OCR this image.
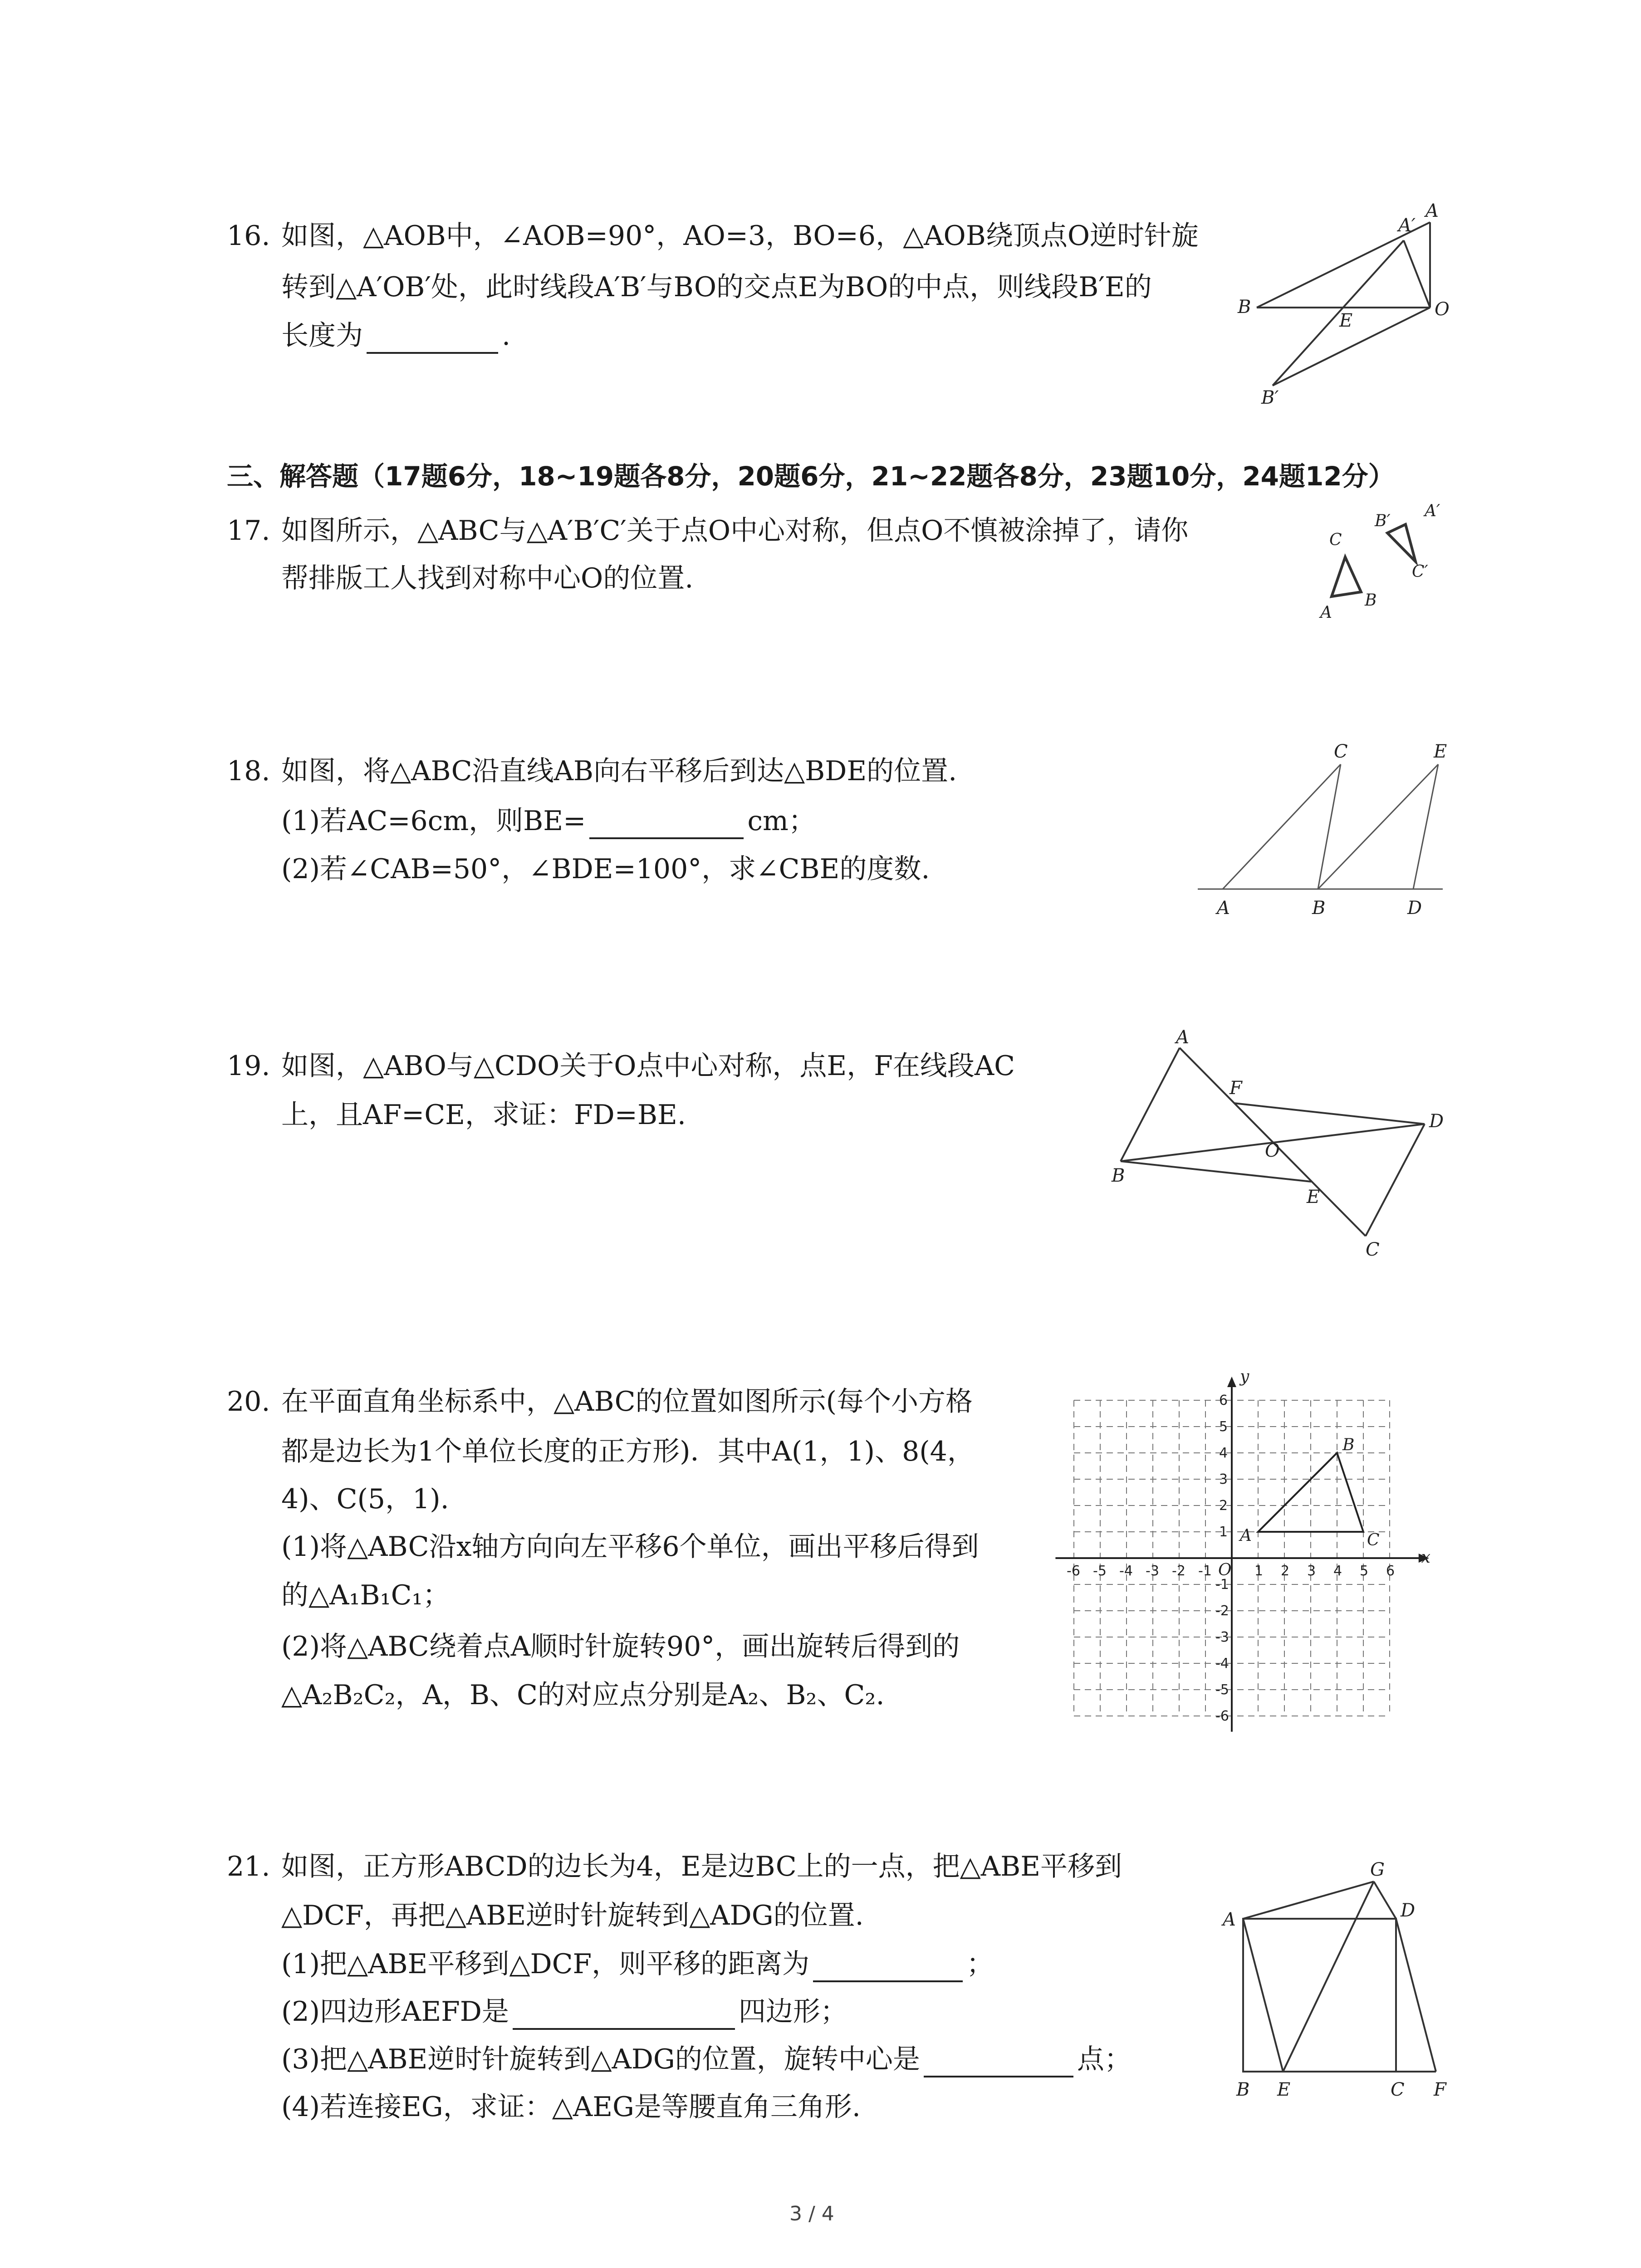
16. 如图，△AOB中，∠AOB=90°，AO=3，BO=6，△AOB绕顶点O逆时针旋
转到△A′OB′处，此时线段A′B′与BO的交点E为BO的中点，则线段B′E的
长度为	.
A′
A
B	O
E
B′
三、解答题（17题6分，18~19题各8分，20题6分，21~22题各8分，23题10分，24题12分）
17. 如图所示，△ABC与△A′B′C′关于点O中心对称，但点O不慎被涂掉了，请你
帮排版工人找到对称中心O的位置.
C
A
B
B′
A′
C′
18. 如图，将△ABC沿直线AB向右平移后到达△BDE的位置.
(1)若AC=6cm，则BE=	cm；
(2)若∠CAB=50°，∠BDE=100°，求∠CBE的度数.
C	E
A	B	D
19. 如图，△ABO与△CDO关于O点中心对称，点E，F在线段AC
上，且AF=CE，求证：FD=BE.
A
F
D
O
B
E
C
20. 在平面直角坐标系中，△ABC的位置如图所示(每个小方格
都是边长为1个单位长度的正方形)．其中A(1，1)、8(4，
4)、C(5，1).
(1)将△ABC沿x轴方向向左平移6个单位，画出平移后得到
的△A₁B₁C₁；
(2)将△ABC绕着点A顺时针旋转90°，画出旋转后得到的
△A₂B₂C₂，A，B、C的对应点分别是A₂、B₂、C₂.
-6 -5 -4 -3 -2 -1	1 2 3 4 5 6
-6
-5
-4
-3
-2
-1
1
2
3
4
5
6
x
y
O
A
B
C
21. 如图，正方形ABCD的边长为4，E是边BC上的一点，把△ABE平移到
△DCF，再把△ABE逆时针旋转到△ADG的位置.
(1)把△ABE平移到△DCF，则平移的距离为	；
(2)四边形AEFD是	四边形；
(3)把△ABE逆时针旋转到△ADG的位置，旋转中心是	点；
(4)若连接EG，求证：△AEG是等腰直角三角形.
G
A	D
B E	C F
3 / 4
